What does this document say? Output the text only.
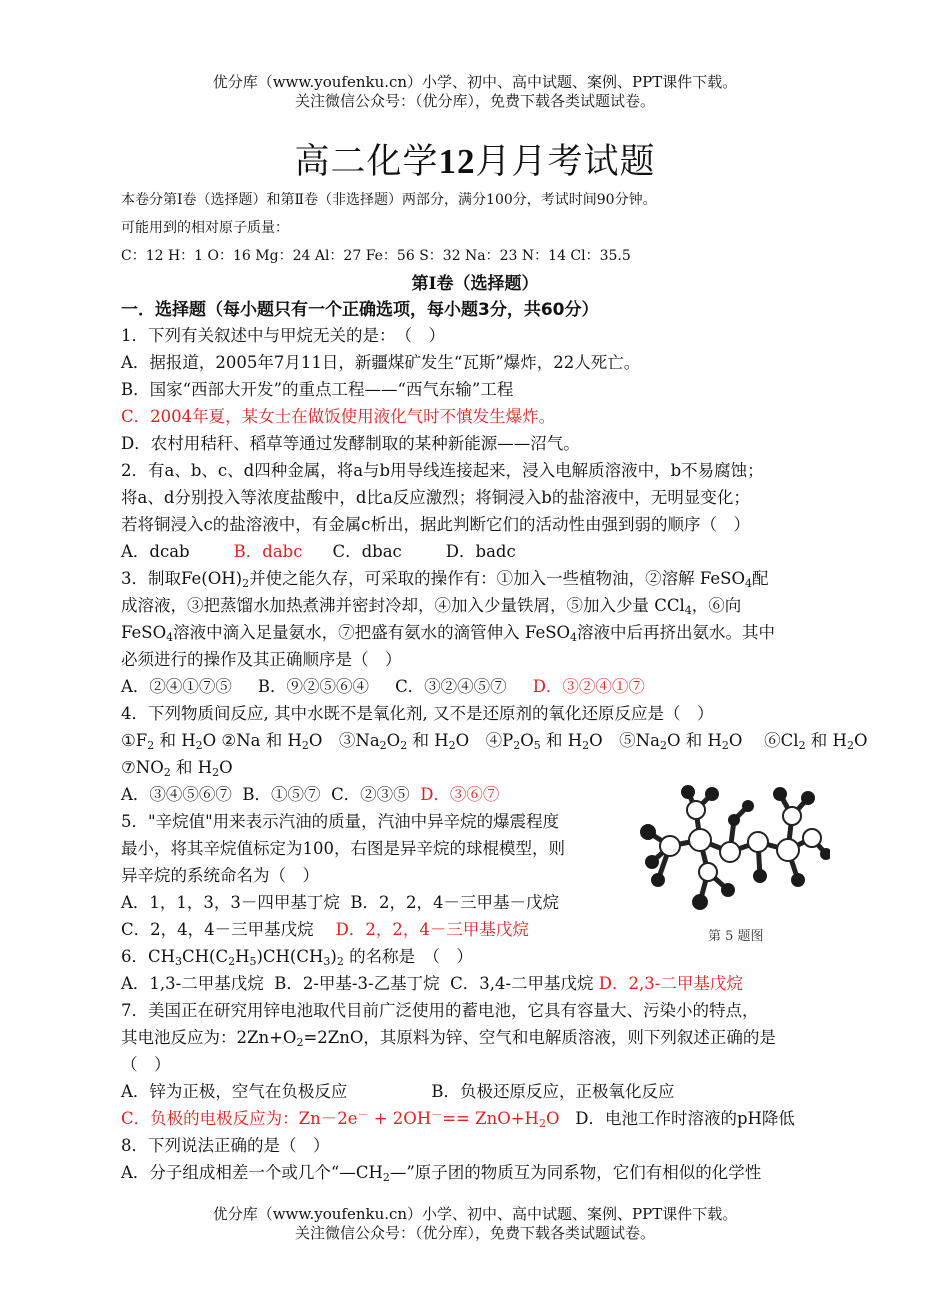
优分库（www.youfenku.cn）小学、初中、高中试题、案例、PPT课件下载。
关注微信公众号：（优分库），免费下载各类试题试卷。
高二化学12月月考试题
本卷分第Ⅰ卷（选择题）和第Ⅱ卷（非选择题）两部分，满分100分，考试时间90分钟。
可能用到的相对原子质量：
C：12 H：1 O：16 Mg：24 Al：27 Fe：56 S：32 Na：23 N：14 Cl：35.5
第Ⅰ卷（选择题）
一．选择题（每小题只有一个正确选项，每小题3分，共60分）
1．下列有关叙述中与甲烷无关的是：　（　）
A．据报道，2005年7月11日，新疆煤矿发生“瓦斯”爆炸，22人死亡。
B．国家“西部大开发”的重点工程——“西气东输”工程
C．2004年夏，某女士在做饭使用液化气时不慎发生爆炸。
D．农村用秸秆、稻草等通过发酵制取的某种新能源——沼气。
2．有a、b、c、d四种金属，将a与b用导线连接起来，浸入电解质溶液中，b不易腐蚀；
将a、d分别投入等浓度盐酸中，d比a反应激烈；将铜浸入b的盐溶液中，无明显变化；
若将铜浸入c的盐溶液中，有金属c析出，据此判断它们的活动性由强到弱的顺序（　）
A．dcab	B．dabc C．dbac	D．badc
3．制取$Fe(OH)_2$并使之能久存，可采取的操作有：①加入一些植物油，②溶解 FeSO$_4$配
成溶液，③把蒸馏水加热煮沸并密封冷却，④加入少量铁屑，⑤加入少量 CCl$_4$，⑥向
FeSO$_4$溶液中滴入足量氨水，⑦把盛有氨水的滴管伸入 FeSO$_4$溶液中后再挤出氨水。其中
必须进行的操作及其正确顺序是（　）
A．②④①⑦⑤ B．⑨②⑤⑥④ C．③②④⑤⑦ D．③②④①⑦
4．下列物质间反应, 其中水既不是氧化剂, 又不是还原剂的氧化还原反应是（　）
$①F_2$ 和 $H_2O$ ②Na 和 $H_2O$　$③Na_2O_2$ 和 $H_2O$　$④P_2O_5$ 和 $H_2O$　$⑤Na_2O$ 和 $H_2O$　 $⑥Cl_2$ 和 $H_2O$
$⑦NO_2$ 和 $H_2O$
A．③④⑤⑥⑦ B．①⑤⑦ C．②③⑤ D．③⑥⑦
5．"辛烷值"用来表示汽油的质量，汽油中异辛烷的爆震程度
最小，将其辛烷值标定为100，右图是异辛烷的球棍模型，则
异辛烷的系统命名为（　）
A．1，1，3，3－四甲基丁烷 B．2，2，4－三甲基－戊烷
C．2，4，4－三甲基戊烷 D．2，2，4－三甲基戊烷	第 5 题图
6．$CH_3CH(C_2H_5)CH(CH_3)_2$ 的名称是　（　）
A．1,3-二甲基戊烷 B．2-甲基-3-乙基丁烷 C．3,4-二甲基戊烷 D．2,3-二甲基戊烷
7．美国正在研究用锌电池取代目前广泛使用的蓄电池，它具有容量大、污染小的特点，
其电池反应为：$2Zn+O_2=2ZnO$，其原料为锌、空气和电解质溶液，则下列叙述正确的是
（　）
A．锌为正极，空气在负极反应	B．负极还原反应，正极氧化反应
C．负极的电极反应为：$Zn-2e^- + 2OH^-== ZnO+H_2O$ D．电池工作时溶液的pH降低
8．下列说法正确的是（　）
A．分子组成相差一个或几个“$—CH_2—$”原子团的物质互为同系物，它们有相似的化学性
优分库（www.youfenku.cn）小学、初中、高中试题、案例、PPT课件下载。
关注微信公众号：（优分库），免费下载各类试题试卷。
